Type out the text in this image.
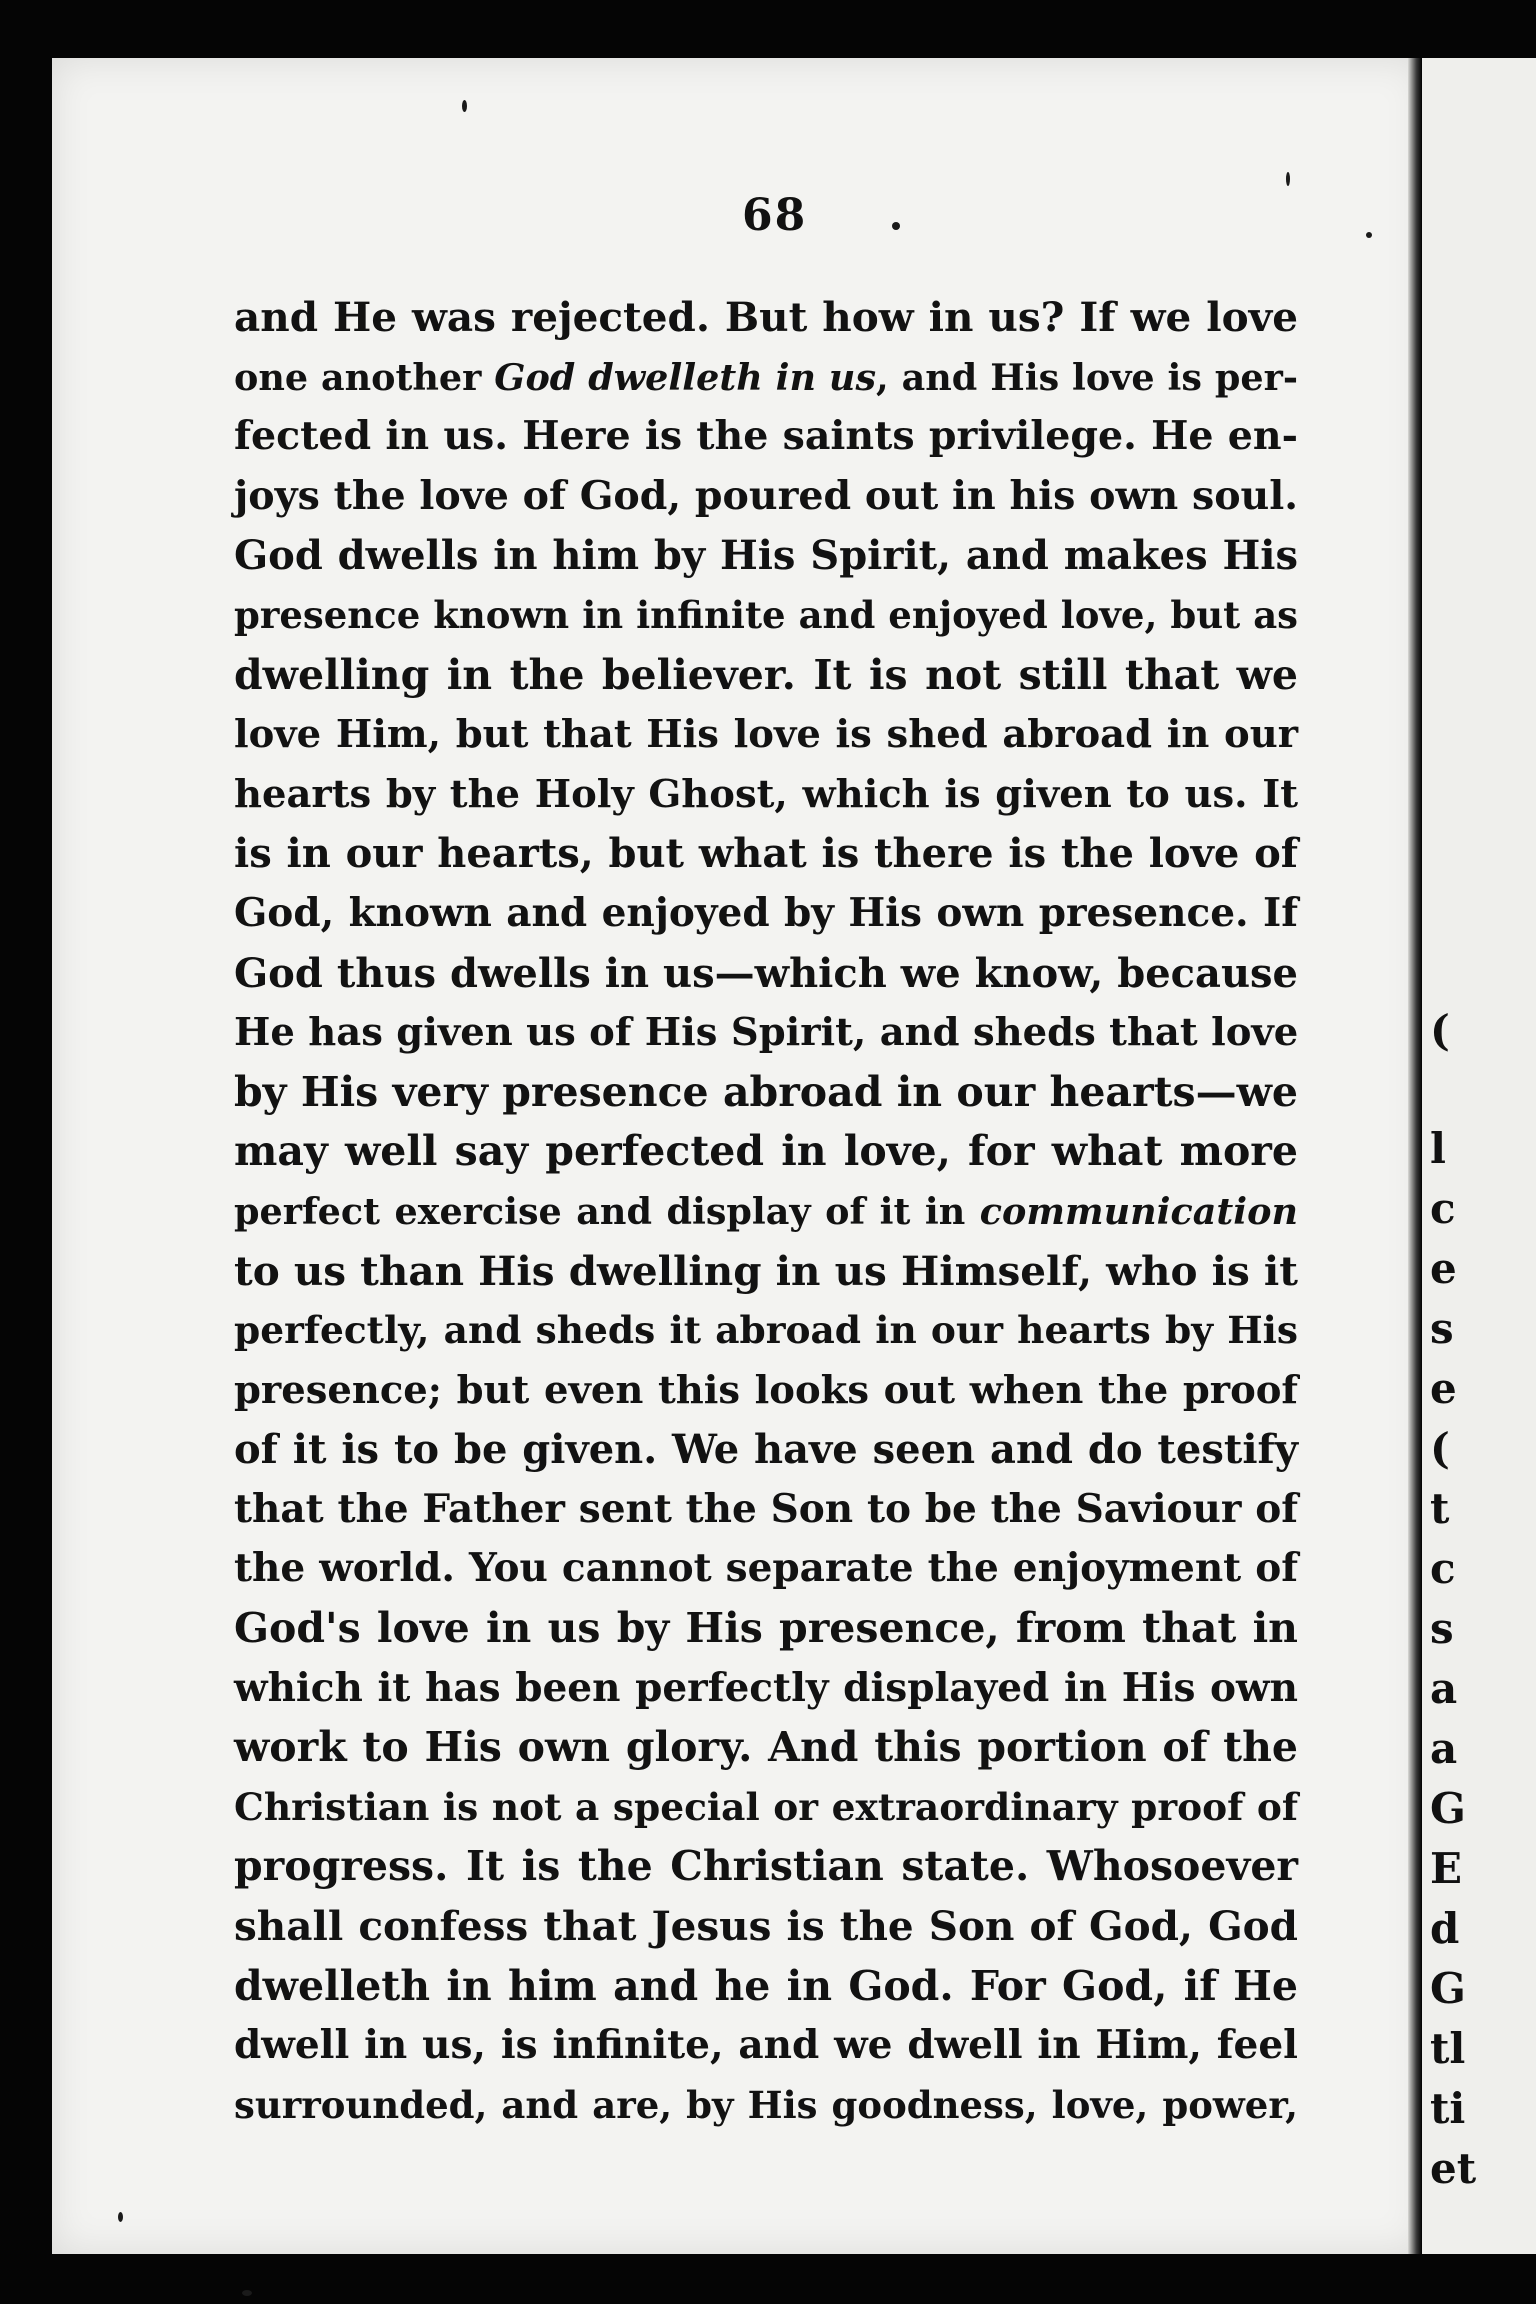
(
l
c
e
s
e
(
t
c
s
a
a
G
E
d
G
tl
ti
et
68
and He was rejected. But how in us? If we love
one another God dwelleth in us, and His love is per-
fected in us. Here is the saints privilege. He en-
joys the love of God, poured out in his own soul.
God dwells in him by His Spirit, and makes His
presence known in infinite and enjoyed love, but as
dwelling in the believer. It is not still that we
love Him, but that His love is shed abroad in our
hearts by the Holy Ghost, which is given to us. It
is in our hearts, but what is there is the love of
God, known and enjoyed by His own presence. If
God thus dwells in us—which we know, because
He has given us of His Spirit, and sheds that love
by His very presence abroad in our hearts—we
may well say perfected in love, for what more
perfect exercise and display of it in communication
to us than His dwelling in us Himself, who is it
perfectly, and sheds it abroad in our hearts by His
presence; but even this looks out when the proof
of it is to be given. We have seen and do testify
that the Father sent the Son to be the Saviour of
the world. You cannot separate the enjoyment of
God's love in us by His presence, from that in
which it has been perfectly displayed in His own
work to His own glory. And this portion of the
Christian is not a special or extraordinary proof of
progress. It is the Christian state. Whosoever
shall confess that Jesus is the Son of God, God
dwelleth in him and he in God. For God, if He
dwell in us, is infinite, and we dwell in Him, feel
surrounded, and are, by His goodness, love, power,
